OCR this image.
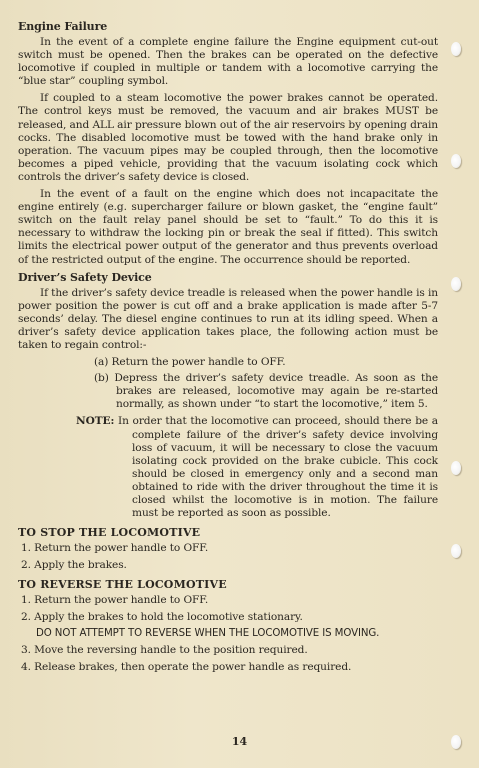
Engine Failure

In the event of a complete engine failure the Engine equipment cut-out switch must be opened. Then the brakes can be operated on the defective locomotive if coupled in multiple or tandem with a locomotive carrying the “blue star” coupling symbol.

If coupled to a steam locomotive the power brakes cannot be operated. The control keys must be removed, the vacuum and air brakes MUST be released, and ALL air pressure blown out of the air reservoirs by opening drain cocks. The disabled locomotive must be towed with the hand brake only in operation. The vacuum pipes may be coupled through, then the locomotive becomes a piped vehicle, providing that the vacuum isolating cock which controls the driver’s safety device is closed.

In the event of a fault on the engine which does not incapacitate the engine entirely (e.g. supercharger failure or blown gasket, the “engine fault” switch on the fault relay panel should be set to “fault.” To do this it is necessary to withdraw the locking pin or break the seal if fitted). This switch limits the electrical power output of the generator and thus prevents overload of the restricted output of the engine. The occurrence should be reported.

Driver’s Safety Device

If the driver’s safety device treadle is released when the power handle is in power position the power is cut off and a brake application is made after 5-7 seconds’ delay. The diesel engine continues to run at its idling speed. When a driver’s safety device application takes place, the following action must be taken to regain control:-

(a) Return the power handle to OFF.
(b) Depress the driver’s safety device treadle. As soon as the brakes are released, locomotive may again be re-started normally, as shown under “to start the locomotive,” item 5.
NOTE: In order that the locomotive can proceed, should there be a complete failure of the driver’s safety device involving loss of vacuum, it will be necessary to close the vacuum isolating cock provided on the brake cubicle. This cock should be closed in emergency only and a second man obtained to ride with the driver throughout the time it is closed whilst the locomotive is in motion. The failure must be reported as soon as possible.
TO STOP THE LOCOMOTIVE
1. Return the power handle to OFF.
2. Apply the brakes.
TO REVERSE THE LOCOMOTIVE
1. Return the power handle to OFF.
2. Apply the brakes to hold the locomotive stationary.
DO NOT ATTEMPT TO REVERSE WHEN THE LOCOMOTIVE IS MOVING.
3. Move the reversing handle to the position required.
4. Release brakes, then operate the power handle as required.
14
